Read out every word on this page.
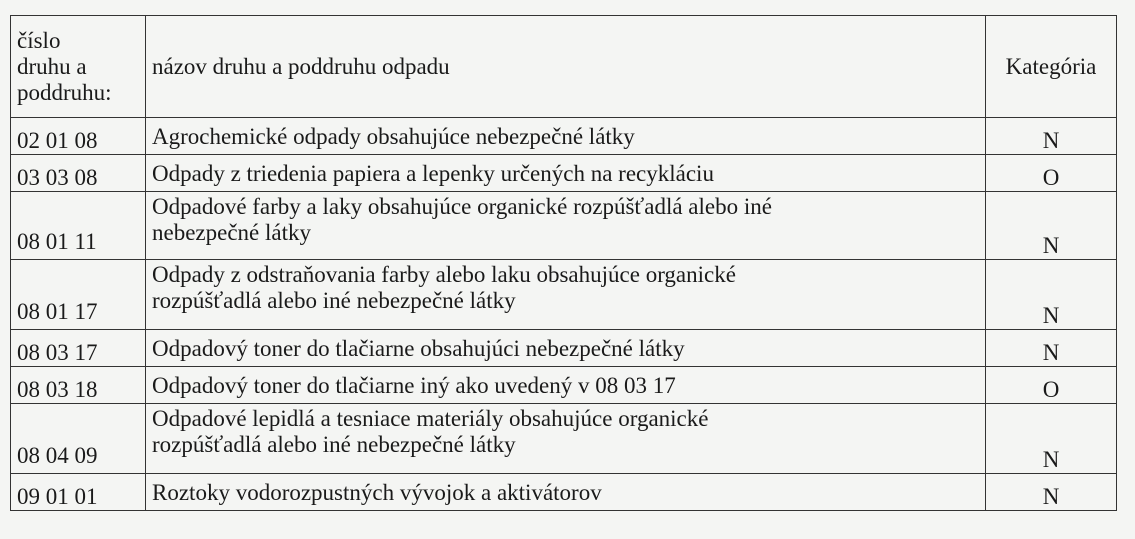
číslo
druhu a
poddruhu:	názov druhu a poddruhu odpadu	Kategória
02 01 08	Agrochemické odpady obsahujúce nebezpečné látky	N
03 03 08	Odpady z triedenia papiera a lepenky určených na recykláciu	O
08 01 11	Odpadové farby a laky obsahujúce organické rozpúšťadlá alebo iné
nebezpečné látky	N
08 01 17	Odpady z odstraňovania farby alebo laku obsahujúce organické
rozpúšťadlá alebo iné nebezpečné látky	N
08 03 17	Odpadový toner do tlačiarne obsahujúci nebezpečné látky	N
08 03 18	Odpadový toner do tlačiarne iný ako uvedený v 08 03 17	O
08 04 09	Odpadové lepidlá a tesniace materiály obsahujúce organické
rozpúšťadlá alebo iné nebezpečné látky	N
09 01 01	Roztoky vodorozpustných vývojok a aktivátorov	N
